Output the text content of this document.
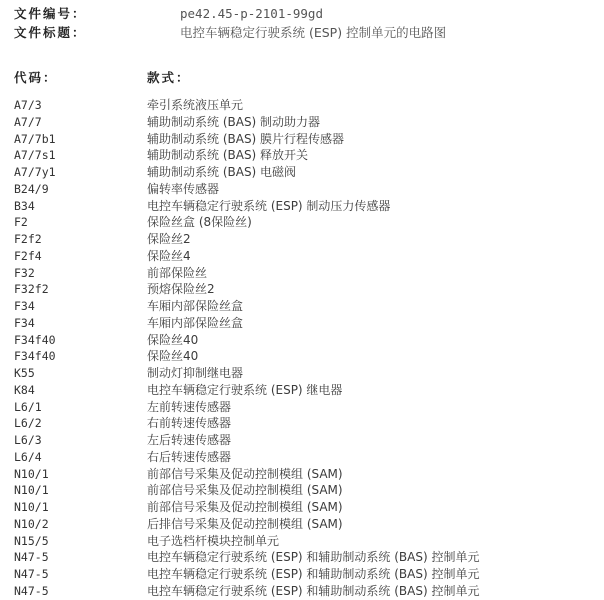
文件编号：	pe42.45-p-2101-99gd
文件标题：	电控车辆稳定行驶系统 (ESP) 控制单元的电路图
代码：	款式：
A7/3	牵引系统液压单元
A7/7	辅助制动系统 (BAS) 制动助力器
A7/7b1	辅助制动系统 (BAS) 膜片行程传感器
A7/7s1	辅助制动系统 (BAS) 释放开关
A7/7y1	辅助制动系统 (BAS) 电磁阀
B24/9	偏转率传感器
B34	电控车辆稳定行驶系统 (ESP) 制动压力传感器
F2	保险丝盒 (8保险丝)
F2f2	保险丝2
F2f4	保险丝4
F32	前部保险丝
F32f2	预熔保险丝2
F34	车厢内部保险丝盒
F34	车厢内部保险丝盒
F34f40	保险丝40
F34f40	保险丝40
K55	制动灯抑制继电器
K84	电控车辆稳定行驶系统 (ESP) 继电器
L6/1	左前转速传感器
L6/2	右前转速传感器
L6/3	左后转速传感器
L6/4	右后转速传感器
N10/1	前部信号采集及促动控制模组 (SAM)
N10/1	前部信号采集及促动控制模组 (SAM)
N10/1	前部信号采集及促动控制模组 (SAM)
N10/2	后排信号采集及促动控制模组 (SAM)
N15/5	电子选档杆模块控制单元
N47-5	电控车辆稳定行驶系统 (ESP) 和辅助制动系统 (BAS) 控制单元
N47-5	电控车辆稳定行驶系统 (ESP) 和辅助制动系统 (BAS) 控制单元
N47-5	电控车辆稳定行驶系统 (ESP) 和辅助制动系统 (BAS) 控制单元
